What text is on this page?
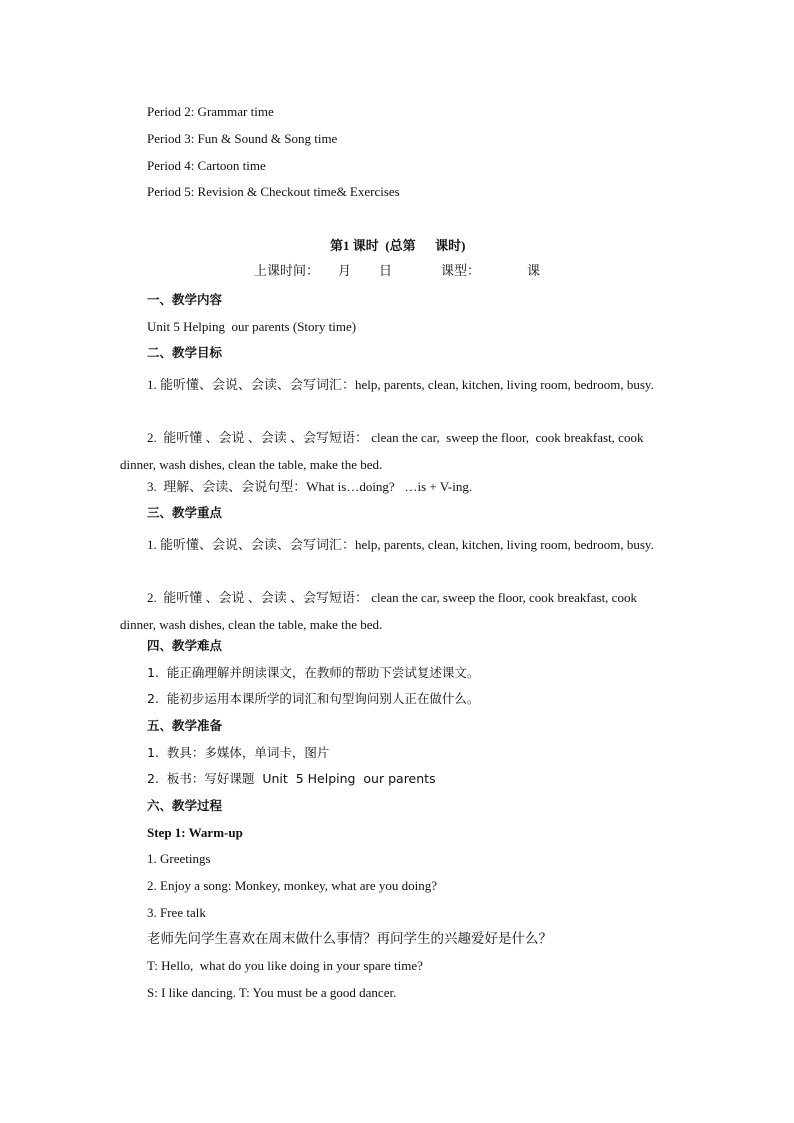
Period 2: Grammar time
Period 3: Fun & Sound & Song time
Period 4: Cartoon time
Period 5: Revision & Checkout time& Exercises
第1 课时  (总第      课时)
上课时间： 月 日	课型：	课
一、教学内容
Unit 5 Helping  our parents (Story time)
二、教学目标
1. 能听懂、会说、会读、会写词汇：help, parents, clean, kitchen, living room, bedroom, busy.
2.  能听懂 、会说 、会读 、会写短语： clean the car,  sweep the floor,  cook breakfast, cook dinner, wash dishes, clean the table, make the bed.
3.  理解、会读、会说句型：What is…doing?   …is + V-ing.
三、教学重点
1. 能听懂、会说、会读、会写词汇：help, parents, clean, kitchen, living room, bedroom, busy.
2.  能听懂 、会说 、会读 、会写短语： clean the car, sweep the floor, cook breakfast, cook dinner, wash dishes, clean the table, make the bed.
四、教学难点
1.  能正确理解并朗读课文，在教师的帮助下尝试复述课文。
2.  能初步运用本课所学的词汇和句型询问别人正在做什么。
五、教学准备
1.  教具：多媒体，单词卡，图片
2.  板书：写好课题  Unit  5 Helping  our parents
六、教学过程
Step 1: Warm-up
1. Greetings
2. Enjoy a song: Monkey, monkey, what are you doing?
3. Free talk
老师先问学生喜欢在周末做什么事情？再问学生的兴趣爱好是什么？
T: Hello,  what do you like doing in your spare time?
S: I like dancing. T: You must be a good dancer.
